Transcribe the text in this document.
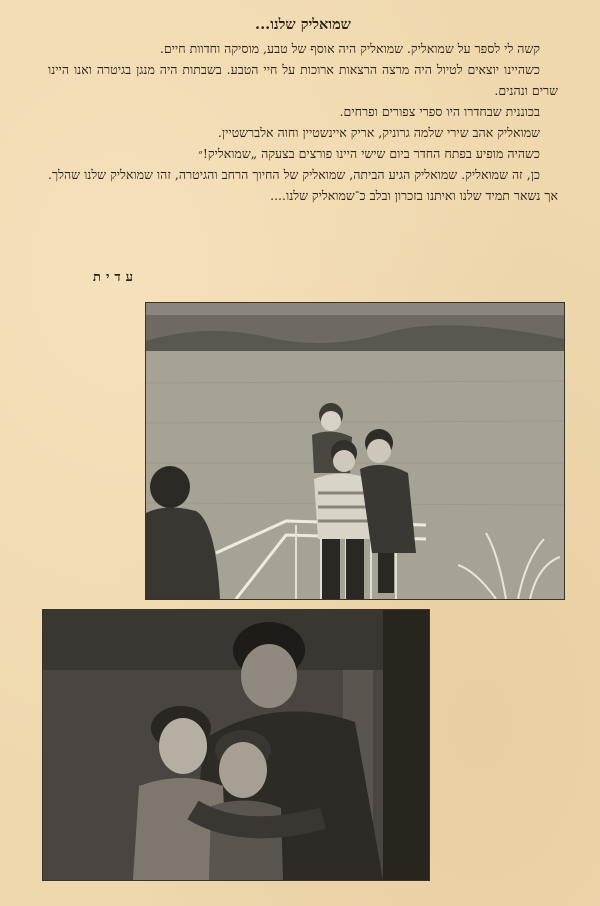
שמואליק שלנו...

קשה לי לספר על שמואליק. שמואליק היה אוסף של טבע, מוסיקה וחדוות חיים.

כשהיינו יוצאים לטיול היה מרצה הרצאות ארוכות על חיי הטבע. בשבתות היה מנגן בגיטרה ואנו היינו שרים ונהנים.

בכוננית שבחדרו היו ספרי צפורים ופרחים.

שמואליק אהב שירי שלמה גרוניק, אריק איינשטיין וחוה אלברשטיין.

כשהיה מופיע בפתח החדר ביום שישי היינו פורצים בצעקה „שמואליק!״

כן, זה שמואליק. שמואליק הגיע הביתה, שמואליק של החיוך הרחב והגיטרה, זהו שמואליק שלנו שהלך. אך נשאר תמיד שלנו ואיתנו בזכרון ובלב כ־שמואליק שלנו....

עדית
